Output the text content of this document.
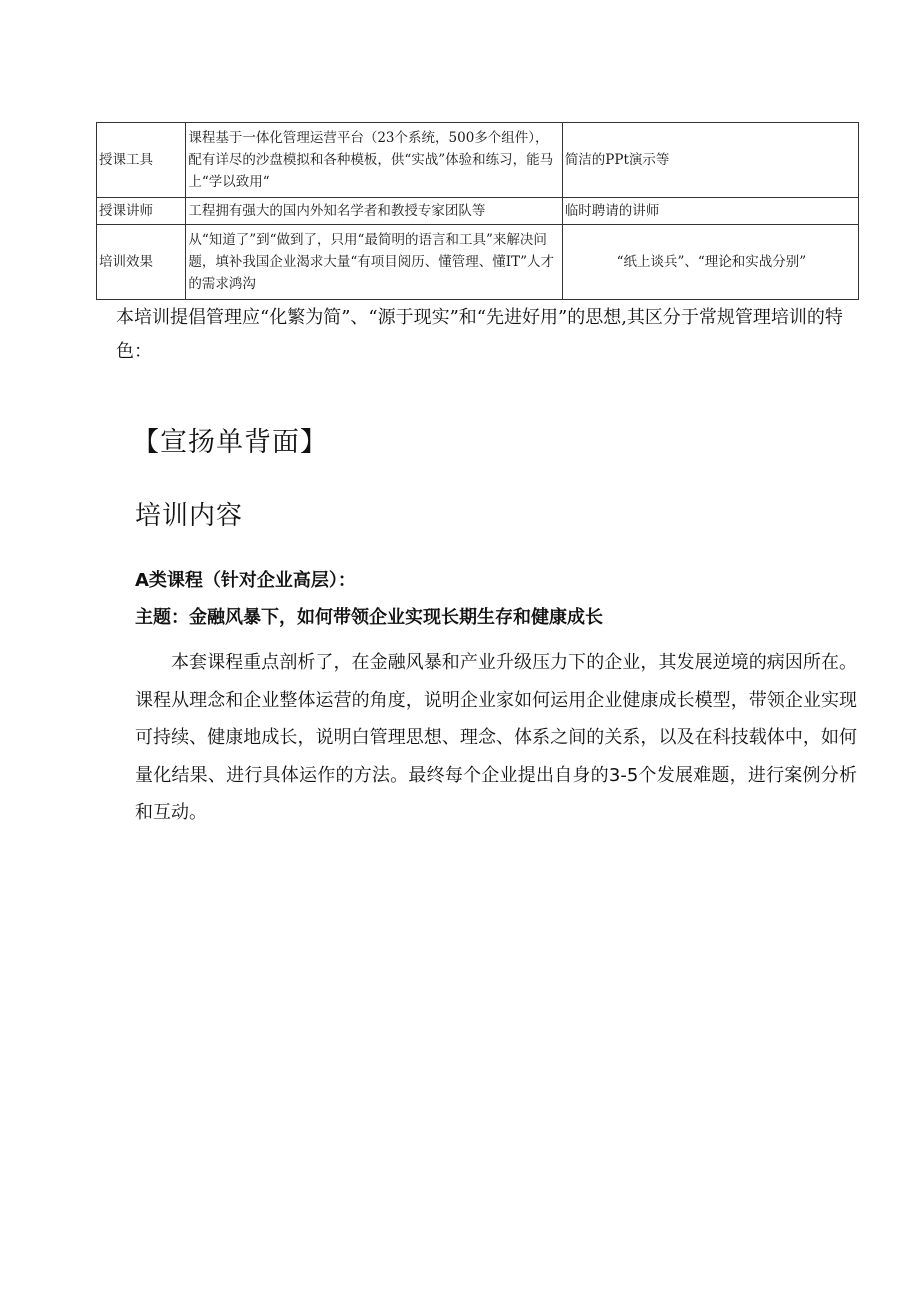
授课工具	课程基于一体化管理运营平台（23个系统，500多个组件），配有详尽的沙盘模拟和各种模板，供“实战”体验和练习，能马上“学以致用“	简洁的PPt演示等
授课讲师	工程拥有强大的国内外知名学者和教授专家团队等	临时聘请的讲师
培训效果	从“知道了”到“做到了，只用“最简明的语言和工具”来解决问题，填补我国企业渴求大量“有项目阅历、懂管理、懂IT”人才的需求鸿沟	“纸上谈兵”、“理论和实战分别”
本培训提倡管理应“化繁为简”、“源于现实”和“先进好用”的思想,其区分于常规管理培训的特色：
【宣扬单背面】
培训内容
A类课程（针对企业高层）：
主题：金融风暴下，如何带领企业实现长期生存和健康成长
本套课程重点剖析了，在金融风暴和产业升级压力下的企业，其发展逆境的病因所在。课程从理念和企业整体运营的角度，说明企业家如何运用企业健康成长模型，带领企业实现可持续、健康地成长，说明白管理思想、理念、体系之间的关系，以及在科技载体中，如何量化结果、进行具体运作的方法。最终每个企业提出自身的3-5个发展难题，进行案例分析和互动。
